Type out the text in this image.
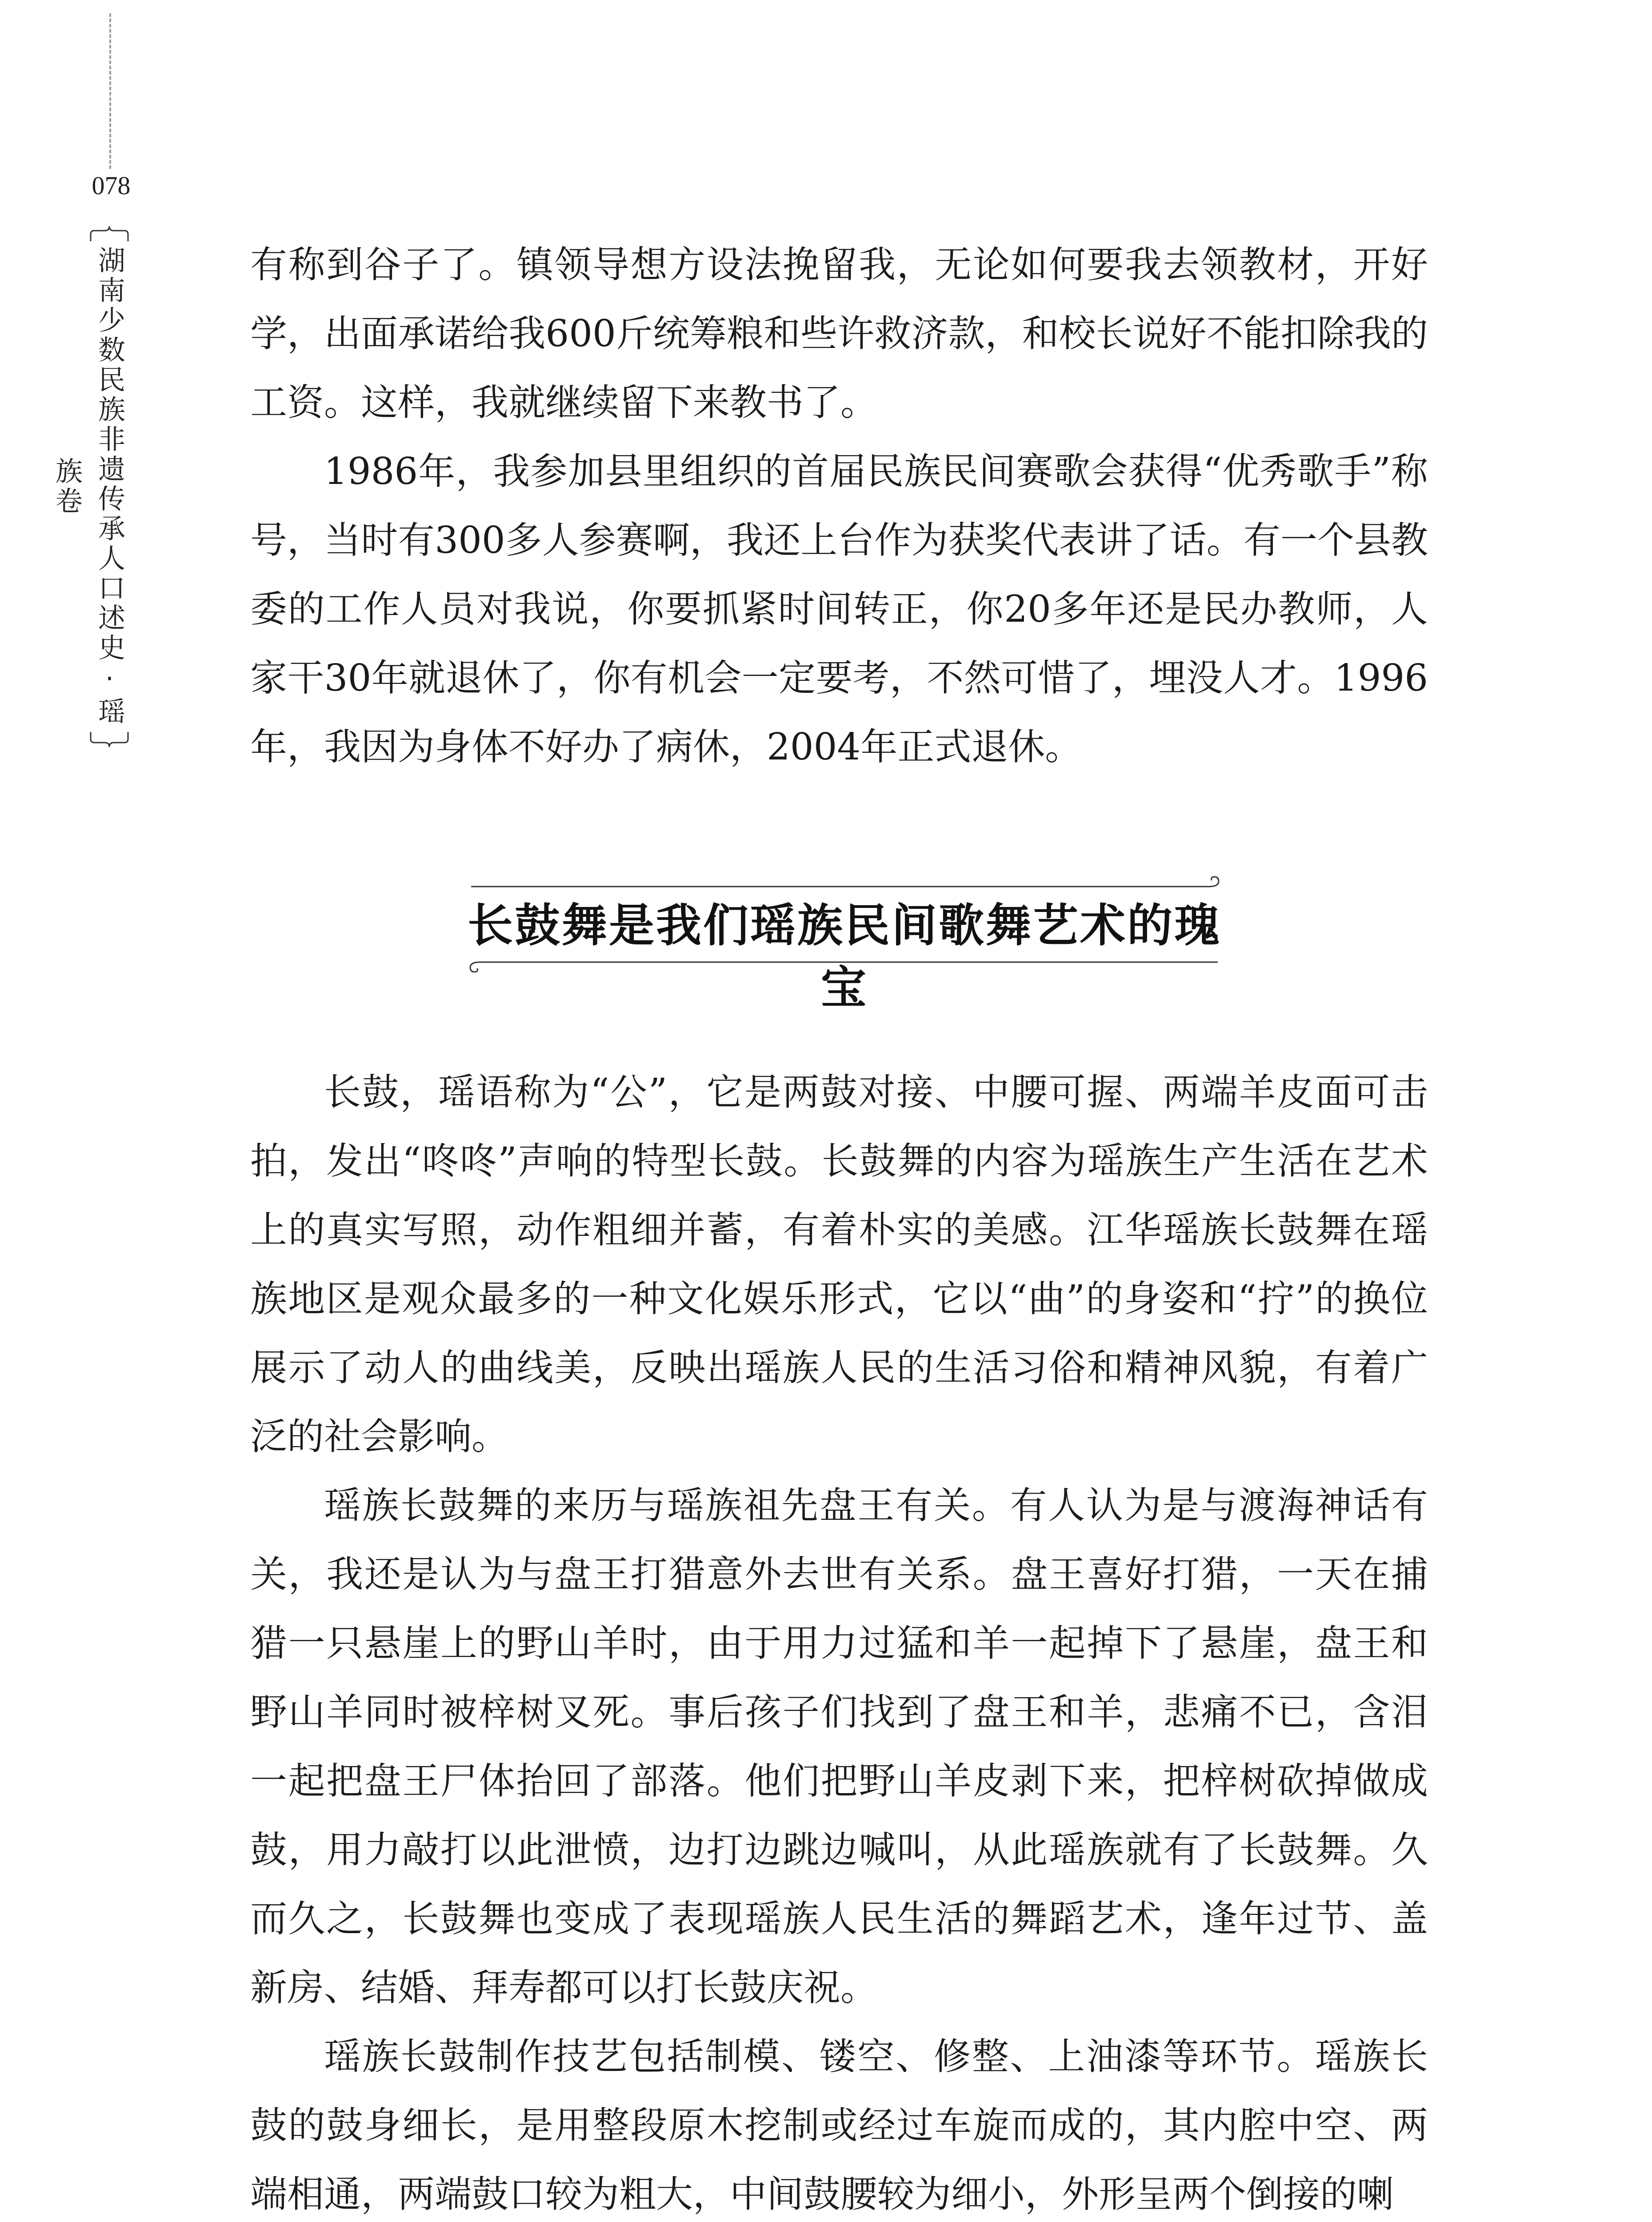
078
湖南少数民族非遗传承人口述史·瑶族卷

有称到谷子了。镇领导想方设法挽留我，无论如何要我去领教材，开好学，出面承诺给我600斤统筹粮和些许救济款，和校长说好不能扣除我的工资。这样，我就继续留下来教书了。

1986年，我参加县里组织的首届民族民间赛歌会获得“优秀歌手”称号，当时有300多人参赛啊，我还上台作为获奖代表讲了话。有一个县教委的工作人员对我说，你要抓紧时间转正，你20多年还是民办教师，人家干30年就退休了，你有机会一定要考，不然可惜了，埋没人才。1996年，我因为身体不好办了病休，2004年正式退休。

长鼓舞是我们瑶族民间歌舞艺术的瑰宝

长鼓，瑶语称为“公”，它是两鼓对接、中腰可握、两端羊皮面可击拍，发出“咚咚”声响的特型长鼓。长鼓舞的内容为瑶族生产生活在艺术上的真实写照，动作粗细并蓄，有着朴实的美感。江华瑶族长鼓舞在瑶族地区是观众最多的一种文化娱乐形式，它以“曲”的身姿和“拧”的换位展示了动人的曲线美，反映出瑶族人民的生活习俗和精神风貌，有着广泛的社会影响。

瑶族长鼓舞的来历与瑶族祖先盘王有关。有人认为是与渡海神话有关，我还是认为与盘王打猎意外去世有关系。盘王喜好打猎，一天在捕猎一只悬崖上的野山羊时，由于用力过猛和羊一起掉下了悬崖，盘王和野山羊同时被梓树叉死。事后孩子们找到了盘王和羊，悲痛不已，含泪一起把盘王尸体抬回了部落。他们把野山羊皮剥下来，把梓树砍掉做成鼓，用力敲打以此泄愤，边打边跳边喊叫，从此瑶族就有了长鼓舞。久而久之，长鼓舞也变成了表现瑶族人民生活的舞蹈艺术，逢年过节、盖新房、结婚、拜寿都可以打长鼓庆祝。

瑶族长鼓制作技艺包括制模、镂空、修整、上油漆等环节。瑶族长鼓的鼓身细长，是用整段原木挖制或经过车旋而成的，其内腔中空、两端相通，两端鼓口较为粗大，中间鼓腰较为细小，外形呈两个倒接的喇
